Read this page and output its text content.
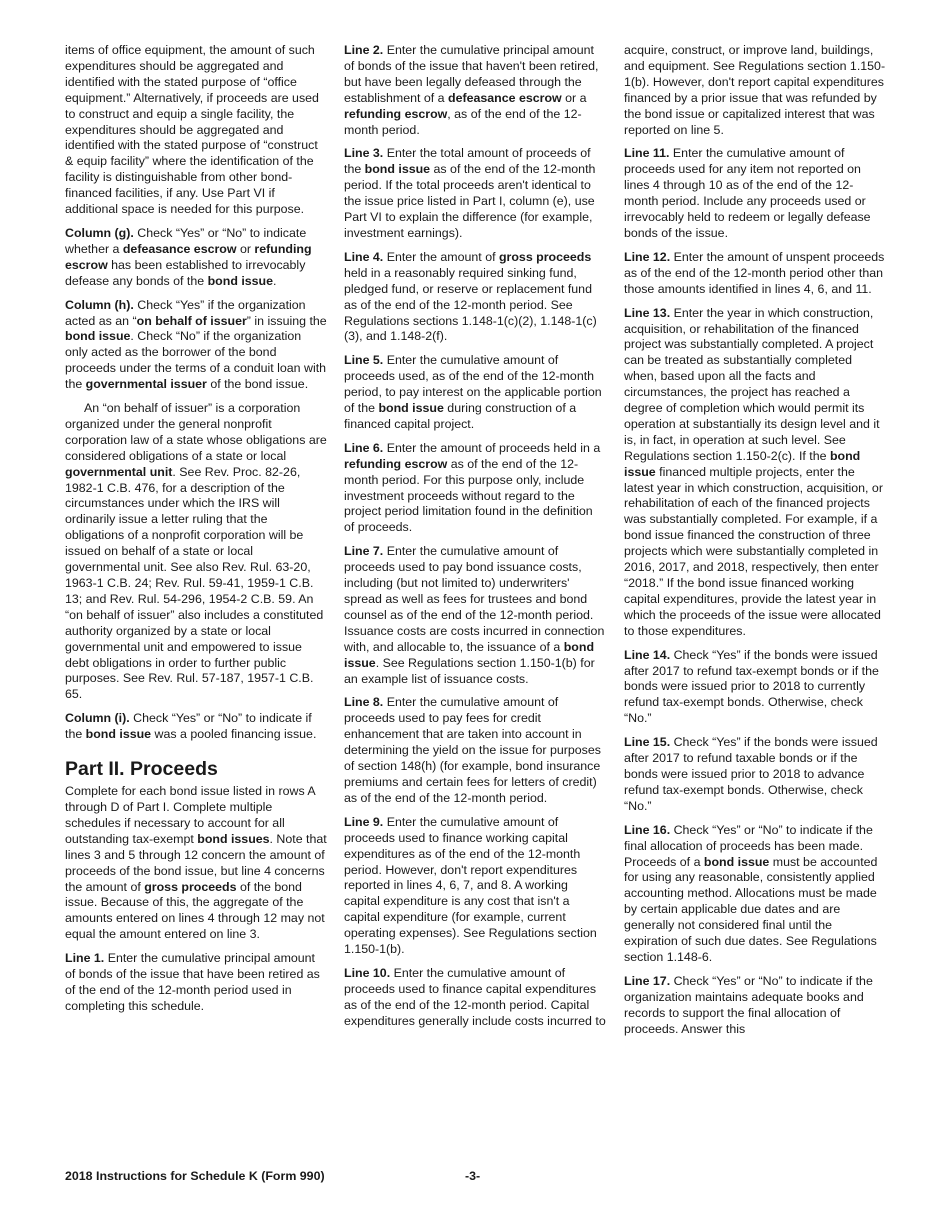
items of office equipment, the amount of such expenditures should be aggregated and identified with the stated purpose of “office equipment.” Alternatively, if proceeds are used to construct and equip a single facility, the expenditures should be aggregated and identified with the stated purpose of “construct & equip facility” where the identification of the facility is distinguishable from other bond-financed facilities, if any. Use Part VI if additional space is needed for this purpose.

Column (g). Check “Yes” or “No” to indicate whether a defeasance escrow or refunding escrow has been established to irrevocably defease any bonds of the bond issue.

Column (h). Check “Yes” if the organization acted as an “on behalf of issuer” in issuing the bond issue. Check “No” if the organization only acted as the borrower of the bond proceeds under the terms of a conduit loan with the governmental issuer of the bond issue.

An “on behalf of issuer” is a corporation organized under the general nonprofit corporation law of a state whose obligations are considered obligations of a state or local governmental unit. See Rev. Proc. 82-26, 1982-1 C.B. 476, for a description of the circumstances under which the IRS will ordinarily issue a letter ruling that the obligations of a nonprofit corporation will be issued on behalf of a state or local governmental unit. See also Rev. Rul. 63-20, 1963-1 C.B. 24; Rev. Rul. 59-41, 1959-1 C.B. 13; and Rev. Rul. 54-296, 1954-2 C.B. 59. An “on behalf of issuer” also includes a constituted authority organized by a state or local governmental unit and empowered to issue debt obligations in order to further public purposes. See Rev. Rul. 57-187, 1957-1 C.B. 65.

Column (i). Check “Yes” or “No” to indicate if the bond issue was a pooled financing issue.

Part II. Proceeds

Complete for each bond issue listed in rows A through D of Part I. Complete multiple schedules if necessary to account for all outstanding tax-exempt bond issues. Note that lines 3 and 5 through 12 concern the amount of proceeds of the bond issue, but line 4 concerns the amount of gross proceeds of the bond issue. Because of this, the aggregate of the amounts entered on lines 4 through 12 may not equal the amount entered on line 3.

Line 1. Enter the cumulative principal amount of bonds of the issue that have been retired as of the end of the 12-month period used in completing this schedule.

Line 2. Enter the cumulative principal amount of bonds of the issue that haven't been retired, but have been legally defeased through the establishment of a defeasance escrow or a refunding escrow, as of the end of the 12-month period.

Line 3. Enter the total amount of proceeds of the bond issue as of the end of the 12-month period. If the total proceeds aren't identical to the issue price listed in Part I, column (e), use Part VI to explain the difference (for example, investment earnings).

Line 4. Enter the amount of gross proceeds held in a reasonably required sinking fund, pledged fund, or reserve or replacement fund as of the end of the 12-month period. See Regulations sections 1.148-1(c)(2), 1.148-1(c)(3), and 1.148-2(f).

Line 5. Enter the cumulative amount of proceeds used, as of the end of the 12-month period, to pay interest on the applicable portion of the bond issue during construction of a financed capital project.

Line 6. Enter the amount of proceeds held in a refunding escrow as of the end of the 12-month period. For this purpose only, include investment proceeds without regard to the project period limitation found in the definition of proceeds.

Line 7. Enter the cumulative amount of proceeds used to pay bond issuance costs, including (but not limited to) underwriters' spread as well as fees for trustees and bond counsel as of the end of the 12-month period. Issuance costs are costs incurred in connection with, and allocable to, the issuance of a bond issue. See Regulations section 1.150-1(b) for an example list of issuance costs.

Line 8. Enter the cumulative amount of proceeds used to pay fees for credit enhancement that are taken into account in determining the yield on the issue for purposes of section 148(h) (for example, bond insurance premiums and certain fees for letters of credit) as of the end of the 12-month period.

Line 9. Enter the cumulative amount of proceeds used to finance working capital expenditures as of the end of the 12-month period. However, don't report expenditures reported in lines 4, 6, 7, and 8. A working capital expenditure is any cost that isn't a capital expenditure (for example, current operating expenses). See Regulations section 1.150-1(b).

Line 10. Enter the cumulative amount of proceeds used to finance capital expenditures as of the end of the 12-month period. Capital expenditures generally include costs incurred to

acquire, construct, or improve land, buildings, and equipment. See Regulations section 1.150-1(b). However, don't report capital expenditures financed by a prior issue that was refunded by the bond issue or capitalized interest that was reported on line 5.

Line 11. Enter the cumulative amount of proceeds used for any item not reported on lines 4 through 10 as of the end of the 12-month period. Include any proceeds used or irrevocably held to redeem or legally defease bonds of the issue.

Line 12. Enter the amount of unspent proceeds as of the end of the 12-month period other than those amounts identified in lines 4, 6, and 11.

Line 13. Enter the year in which construction, acquisition, or rehabilitation of the financed project was substantially completed. A project can be treated as substantially completed when, based upon all the facts and circumstances, the project has reached a degree of completion which would permit its operation at substantially its design level and it is, in fact, in operation at such level. See Regulations section 1.150-2(c). If the bond issue financed multiple projects, enter the latest year in which construction, acquisition, or rehabilitation of each of the financed projects was substantially completed. For example, if a bond issue financed the construction of three projects which were substantially completed in 2016, 2017, and 2018, respectively, then enter “2018.” If the bond issue financed working capital expenditures, provide the latest year in which the proceeds of the issue were allocated to those expenditures.

Line 14. Check “Yes” if the bonds were issued after 2017 to refund tax-exempt bonds or if the bonds were issued prior to 2018 to currently refund tax-exempt bonds. Otherwise, check “No.”

Line 15. Check “Yes” if the bonds were issued after 2017 to refund taxable bonds or if the bonds were issued prior to 2018 to advance refund tax-exempt bonds. Otherwise, check “No.”

Line 16. Check “Yes” or “No” to indicate if the final allocation of proceeds has been made. Proceeds of a bond issue must be accounted for using any reasonable, consistently applied accounting method. Allocations must be made by certain applicable due dates and are generally not considered final until the expiration of such due dates. See Regulations section 1.148-6.

Line 17. Check “Yes” or “No” to indicate if the organization maintains adequate books and records to support the final allocation of proceeds. Answer this

2018 Instructions for Schedule K (Form 990)	-3-
